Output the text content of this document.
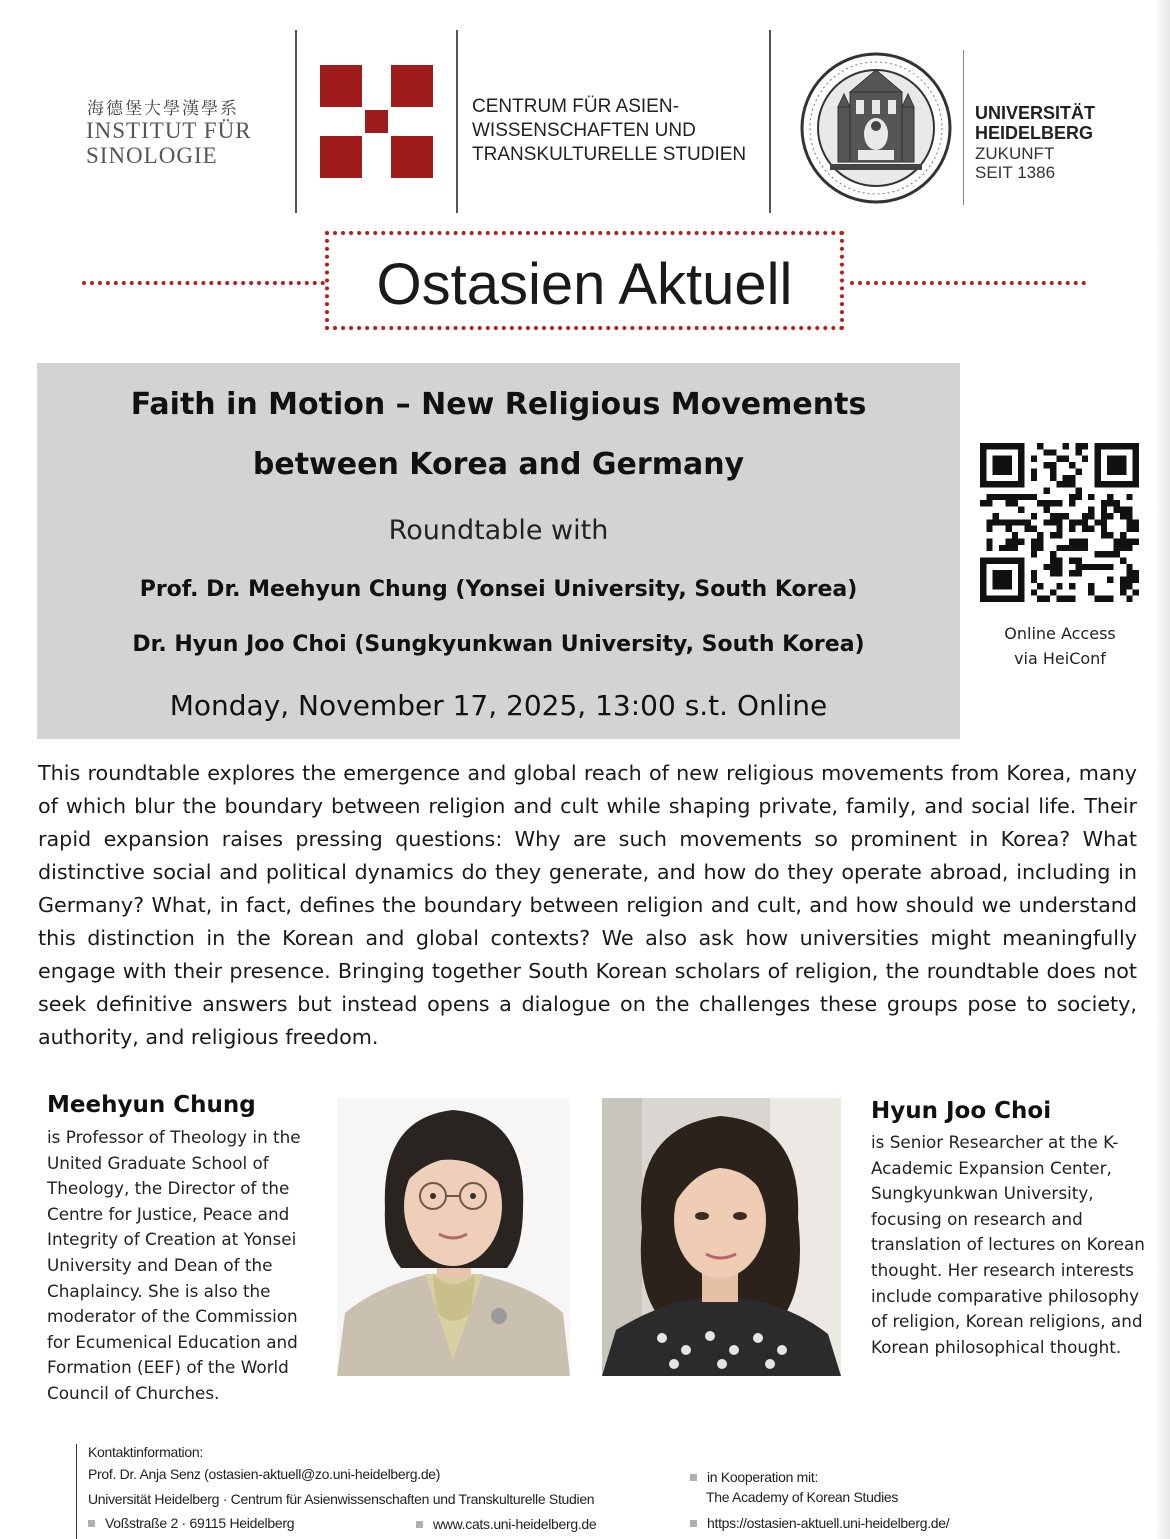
海德堡大學漢學系
INSTITUT FÜR
SINOLOGIE
CENTRUM FÜR ASIEN-
WISSENSCHAFTEN UND
TRANSKULTURELLE STUDIEN
UNIVERSITÄT
HEIDELBERG
ZUKUNFT
SEIT 1386
Ostasien Aktuell
Faith in Motion – New Religious Movements
between Korea and Germany
Roundtable with
Prof. Dr. Meehyun Chung (Yonsei University, South Korea)
Dr. Hyun Joo Choi (Sungkyunkwan University, South Korea)
Monday, November 17, 2025, 13:00 s.t. Online
Online Access
via HeiConf
This roundtable explores the emergence and global reach of new religious movements from Korea, many of which blur the boundary between religion and cult while shaping private, family, and social life. Their rapid expansion raises pressing questions: Why are such movements so prominent in Korea? What distinctive social and political dynamics do they generate, and how do they operate abroad, including in Germany? What, in fact, defines the boundary between religion and cult, and how should we understand this distinction in the Korean and global contexts? We also ask how universities might meaningfully engage with their presence. Bringing together South Korean scholars of religion, the roundtable does not seek definitive answers but instead opens a dialogue on the challenges these groups pose to society, authority, and religious freedom.
Meehyun Chung
is Professor of Theology in the United Graduate School of Theology, the Director of the Centre for Justice, Peace and Integrity of Creation at Yonsei University and Dean of the Chaplaincy. She is also the moderator of the Commission for Ecumenical Education and Formation (EEF) of the World Council of Churches.
Hyun Joo Choi
is Senior Researcher at the K-Academic Expansion Center, Sungkyunkwan University, focusing on research and translation of lectures on Korean thought. Her research interests include comparative philosophy of religion, Korean religions, and Korean philosophical thought.
Kontaktinformation:
Prof. Dr. Anja Senz (ostasien-aktuell@zo.uni-heidelberg.de)
Universität Heidelberg · Centrum für Asienwissenschaften und Transkulturelle Studien
Voßstraße 2 · 69115 Heidelberg	www.cats.uni-heidelberg.de
in Kooperation mit:
The Academy of Korean Studies
https://ostasien-aktuell.uni-heidelberg.de/
